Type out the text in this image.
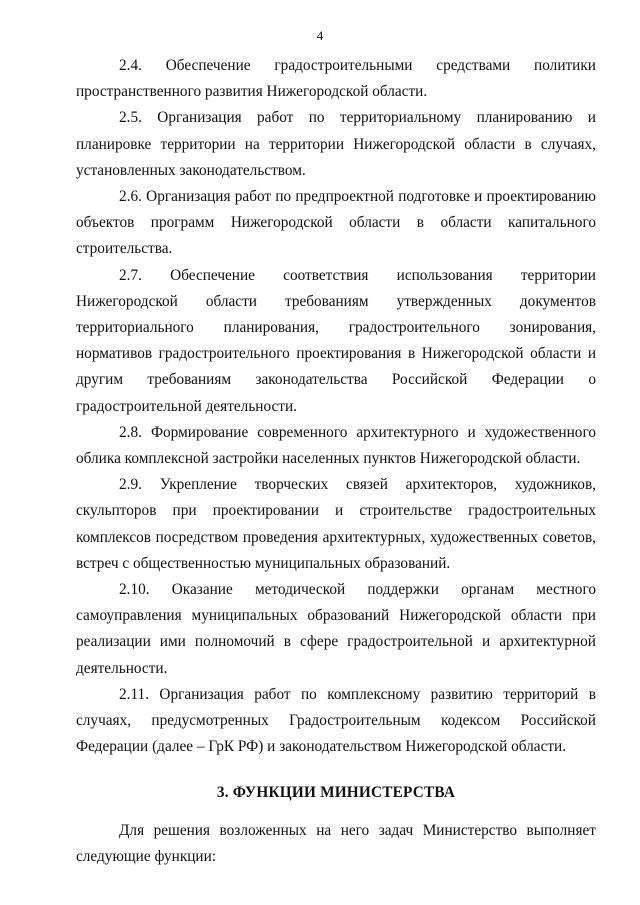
4

2.4. Обеспечение градостроительными средствами политики пространственного развития Нижегородской области.

2.5. Организация работ по территориальному планированию и планировке территории на территории Нижегородской области в случаях, установленных законодательством.

2.6. Организация работ по предпроектной подготовке и проектированию объектов программ Нижегородской области в области капитального строительства.

2.7. Обеспечение соответствия использования территории Нижегородской области требованиям утвержденных документов территориального планирования, градостроительного зонирования, нормативов градостроительного проектирования в Нижегородской области и другим требованиям законодательства Российской Федерации о градостроительной деятельности.

2.8. Формирование современного архитектурного и художественного облика комплексной застройки населенных пунктов Нижегородской области.

2.9. Укрепление творческих связей архитекторов, художников, скульпторов при проектировании и строительстве градостроительных комплексов посредством проведения архитектурных, художественных советов, встреч с общественностью муниципальных образований.

2.10. Оказание методической поддержки органам местного самоуправления муниципальных образований Нижегородской области при реализации ими полномочий в сфере градостроительной и архитектурной деятельности.

2.11. Организация работ по комплексному развитию территорий в случаях, предусмотренных Градостроительным кодексом Российской Федерации (далее – ГрК РФ) и законодательством Нижегородской области.

3. ФУНКЦИИ МИНИСТЕРСТВА

Для решения возложенных на него задач Министерство выполняет следующие функции:
